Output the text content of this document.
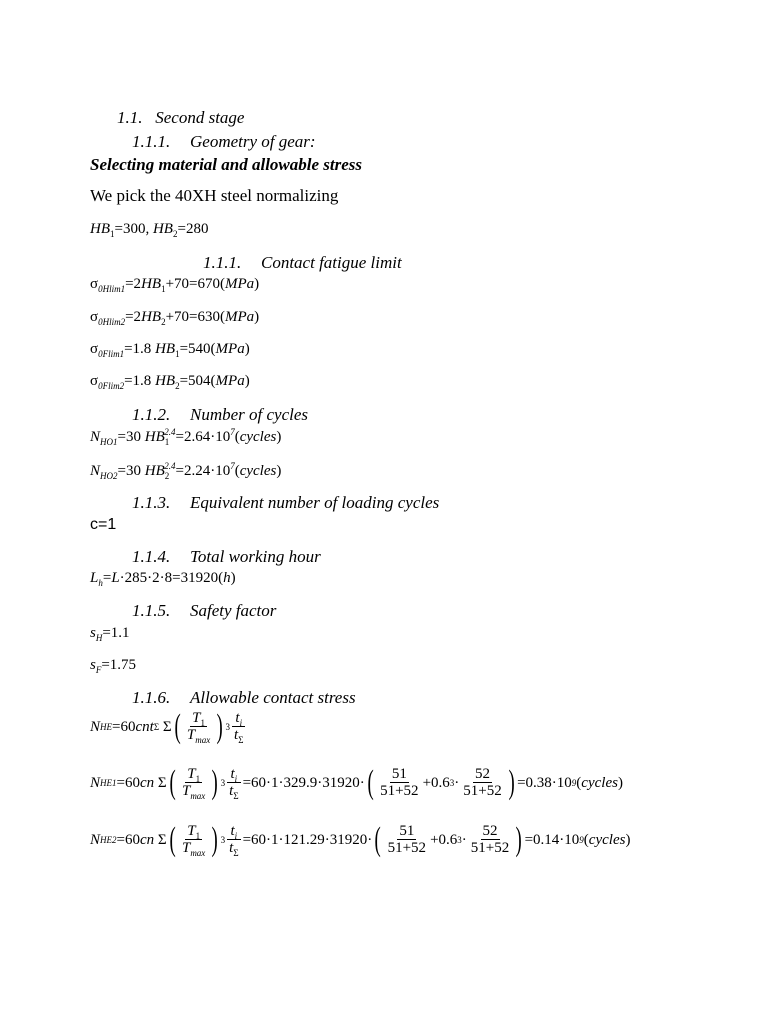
1.1. Second stage
1.1.1. Geometry of gear:
Selecting material and allowable stress
We pick the 40XH steel normalizing
$HB_1=300$, $HB_2=280$
1.1.1. Contact fatigue limit
$\sigma_{0Hlim1}=2HB_1+70=670(MPa)$
$\sigma_{0Hlim2}=2HB_2+70=630(MPa)$
$\sigma_{0Flim1}=1.8$ $HB_1=540(MPa)$
$\sigma_{0Flim2}=1.8$ $HB_2=504(MPa)$
1.1.2. Number of cycles
$N_{HO1}=30$ $HB_1^{2.4}=2.64\cdot 10^7(cycles)$
$N_{HO2}=30$ $HB_2^{2.4}=2.24\cdot 10^7(cycles)$
1.1.3. Equivalent number of loading cycles
c=1
1.1.4. Total working hour
$L_h=L\cdot 285\cdot 2\cdot 8=31920(h)$
1.1.5. Safety factor
$s_H=1.1$
$s_F=1.75$
1.1.6. Allowable contact stress
N HE =60 cnt Σ Σ ( $\frac{T_1}{T_{max}}$ ) $3 \frac{t_i}{t_\Sigma}$
N HE1 =60 cn Σ ( $\frac{T_1}{T_{max}}$ ) $3 \frac{t_i}{t_\Sigma} =60\cdot 1\cdot 329.9\cdot 31920\cdot$ ( $\frac{51}{51+52} +0.6$ $3 \cdot \frac{52}{51+52}$ ) =0.38·10 9 ( cycles )
N HE2 =60 cn Σ ( $\frac{T_1}{T_{max}}$ ) $3 \frac{t_i}{t_\Sigma} =60\cdot 1\cdot 121.29\cdot 31920\cdot$ ( $\frac{51}{51+52} +0.6$ $3 \cdot \frac{52}{51+52}$ ) =0.14·10 9 ( cycles )
